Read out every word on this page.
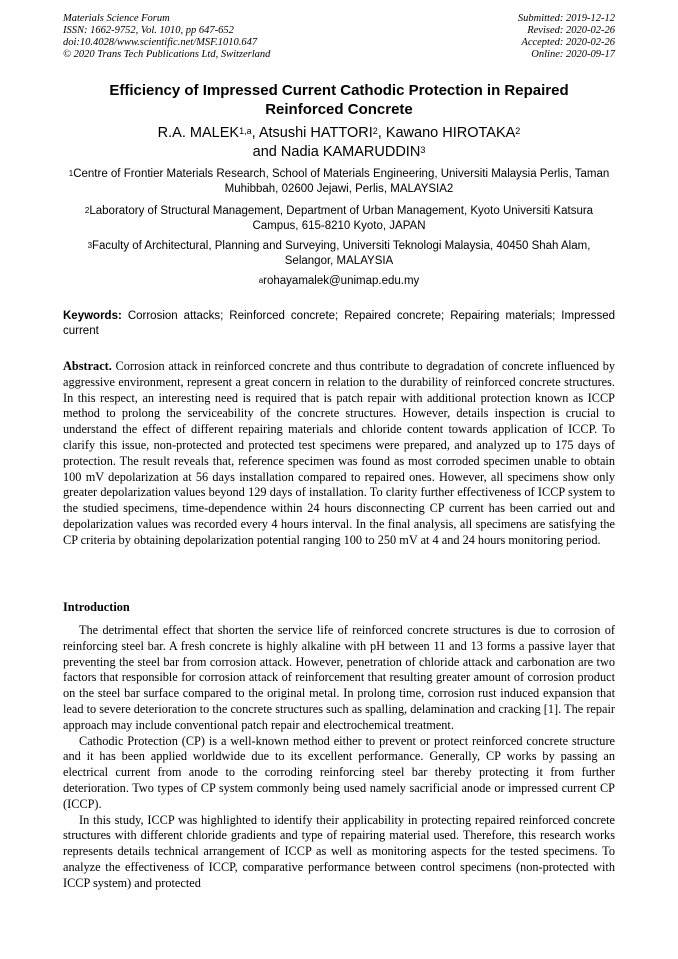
Materials Science Forum
ISSN: 1662-9752, Vol. 1010, pp 647-652
doi:10.4028/www.scientific.net/MSF.1010.647
© 2020 Trans Tech Publications Ltd, Switzerland
Submitted: 2019-12-12
Revised: 2020-02-26
Accepted: 2020-02-26
Online: 2020-09-17
Efficiency of Impressed Current Cathodic Protection in Repaired
Reinforced Concrete
R.A. MALEK$^{1,a}$, Atsushi HATTORI$^2$, Kawano HIROTAKA$^2$
and Nadia KAMARUDDIN$^3$
$^1$Centre of Frontier Materials Research, School of Materials Engineering, Universiti Malaysia Perlis, Taman Muhibbah, 02600 Jejawi, Perlis, MALAYSIA2
$^2$Laboratory of Structural Management, Department of Urban Management, Kyoto Universiti Katsura Campus, 615-8210 Kyoto, JAPAN
$^3$Faculty of Architectural, Planning and Surveying, Universiti Teknologi Malaysia, 40450 Shah Alam, Selangor, MALAYSIA
$^a$rohayamalek@unimap.edu.my
Keywords: Corrosion attacks; Reinforced concrete; Repaired concrete; Repairing materials; Impressed current
Abstract. Corrosion attack in reinforced concrete and thus contribute to degradation of concrete influenced by aggressive environment, represent a great concern in relation to the durability of reinforced concrete structures. In this respect, an interesting need is required that is patch repair with additional protection known as ICCP method to prolong the serviceability of the concrete structures. However, details inspection is crucial to understand the effect of different repairing materials and chloride content towards application of ICCP. To clarify this issue, non-protected and protected test specimens were prepared, and analyzed up to 175 days of protection. The result reveals that, reference specimen was found as most corroded specimen unable to obtain 100 mV depolarization at 56 days installation compared to repaired ones. However, all specimens show only greater depolarization values beyond 129 days of installation. To clarity further effectiveness of ICCP system to the studied specimens, time-dependence within 24 hours disconnecting CP current has been carried out and depolarization values was recorded every 4 hours interval. In the final analysis, all specimens are satisfying the CP criteria by obtaining depolarization potential ranging 100 to 250 mV at 4 and 24 hours monitoring period.
Introduction

The detrimental effect that shorten the service life of reinforced concrete structures is due to corrosion of reinforcing steel bar. A fresh concrete is highly alkaline with pH between 11 and 13 forms a passive layer that preventing the steel bar from corrosion attack. However, penetration of chloride attack and carbonation are two factors that responsible for corrosion attack of reinforcement that resulting greater amount of corrosion product on the steel bar surface compared to the original metal. In prolong time, corrosion rust induced expansion that lead to severe deterioration to the concrete structures such as spalling, delamination and cracking [1]. The repair approach may include conventional patch repair and electrochemical treatment.

Cathodic Protection (CP) is a well-known method either to prevent or protect reinforced concrete structure and it has been applied worldwide due to its excellent performance. Generally, CP works by passing an electrical current from anode to the corroding reinforcing steel bar thereby protecting it from further deterioration. Two types of CP system commonly being used namely sacrificial anode or impressed current CP (ICCP).

In this study, ICCP was highlighted to identify their applicability in protecting repaired reinforced concrete structures with different chloride gradients and type of repairing material used. Therefore, this research works represents details technical arrangement of ICCP as well as monitoring aspects for the tested specimens. To analyze the effectiveness of ICCP, comparative performance between control specimens (non-protected with ICCP system) and protected
